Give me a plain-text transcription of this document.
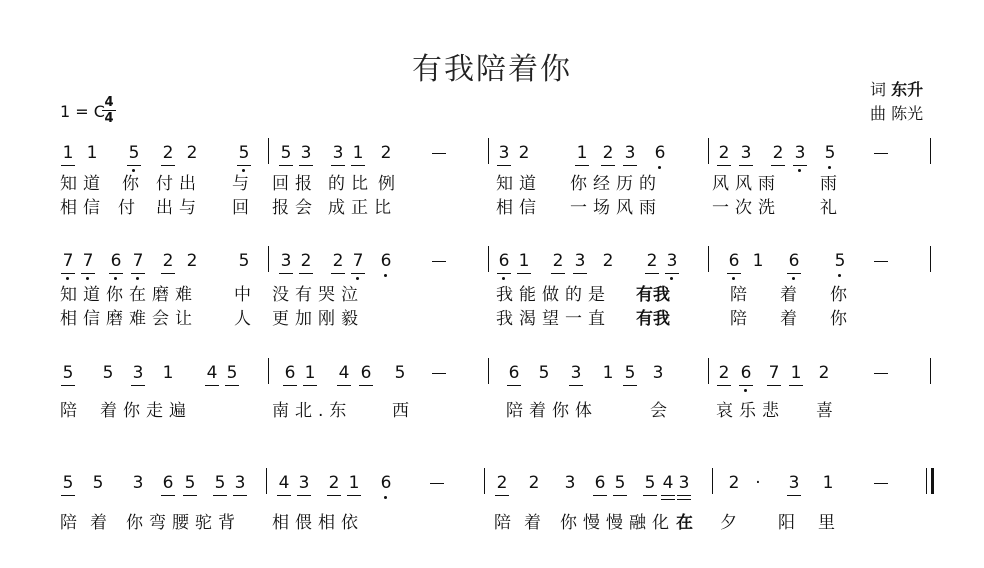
有我陪着你
词 东升
曲 陈光
1 = C 4
4
1 1 5 2 2 5 5 3 3 1 2	3 2	1 2 3 6	2 3 2 3 5
知道 你 付出 与 回报 的比 例	知道 你经历的	风风雨 雨
相信 付 出与 回 报会 成正比	相信 一场风雨	一次洗 礼
7 7 6 7 2 2 5 3 2 2 7 6	6 1 2 3 2 2 3	6 1 6 5
知道你在磨难 中 没有哭泣	我能做的是 有我	陪 着 你
相信磨难会让 人 更加刚毅	我渴望一直 有我	陪 着 你
5 5 3 1 4 5	6 1 4 6 5	6 5 3 1 5 3	2 6 7 1 2
陪 着你走遍	南北.东 西	陪着你体	会	哀乐悲 喜
5 5 3 6 5 5 3 4 3 2 1 6	2 2 3 6 5 5 4 3 2 ·	3 1
陪 着 你弯腰驼背 相偎相依	陪 着 你慢慢融化 在 夕 阳 里
